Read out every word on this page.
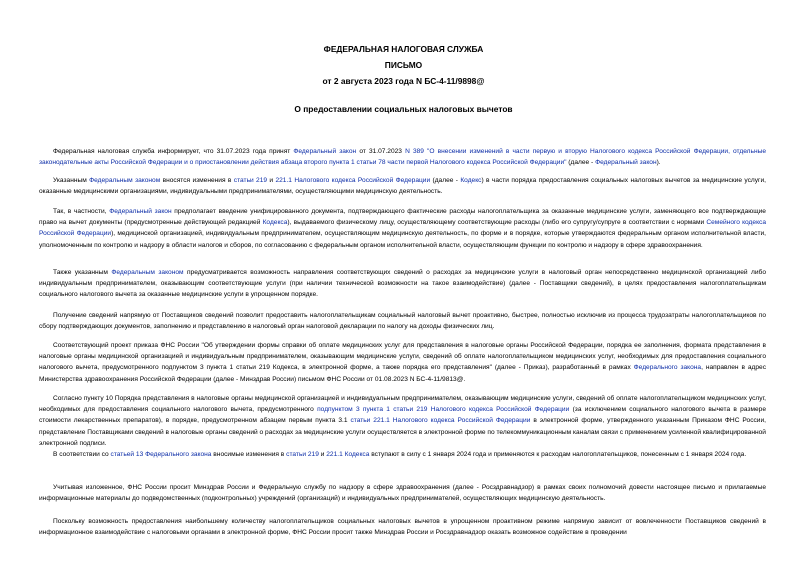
ФЕДЕРАЛЬНАЯ НАЛОГОВАЯ СЛУЖБА

ПИСЬМО

от 2 августа 2023 года N БС-4-11/9898@

О предоставлении социальных налоговых вычетов

Федеральная налоговая служба информирует, что 31.07.2023 года принят Федеральный закон от 31.07.2023 N 389 "О внесении изменений в части первую и вторую Налогового кодекса Российской Федерации, отдельные законодательные акты Российской Федерации и о приостановлении действия абзаца второго пункта 1 статьи 78 части первой Налогового кодекса Российской Федерации" (далее - Федеральный закон).

Указанным Федеральным законом вносятся изменения в статьи 219 и 221.1 Налогового кодекса Российской Федерации (далее - Кодекс) в части порядка предоставления социальных налоговых вычетов за медицинские услуги, оказанные медицинскими организациями, индивидуальными предпринимателями, осуществляющими медицинскую деятельность.

Так, в частности, Федеральный закон предполагает введение унифицированного документа, подтверждающего фактические расходы налогоплательщика за оказанные медицинские услуги, заменяющего все подтверждающие право на вычет документы (предусмотренные действующей редакцией Кодекса), выдаваемого физическому лицу, осуществляющему соответствующие расходы (либо его супругу/супруге в соответствии с нормами Семейного кодекса Российской Федерации), медицинской организацией, индивидуальным предпринимателем, осуществляющим медицинскую деятельность, по форме и в порядке, которые утверждаются федеральным органом исполнительной власти, уполномоченным по контролю и надзору в области налогов и сборов, по согласованию с федеральным органом исполнительной власти, осуществляющим функции по контролю и надзору в сфере здравоохранения.

Также указанным Федеральным законом предусматривается возможность направления соответствующих сведений о расходах за медицинские услуги в налоговый орган непосредственно медицинской организацией либо индивидуальным предпринимателем, оказывающим соответствующие услуги (при наличии технической возможности на такое взаимодействие) (далее - Поставщики сведений), в целях предоставления налогоплательщикам социального налогового вычета за оказанные медицинские услуги в упрощенном порядке.

Получение сведений напрямую от Поставщиков сведений позволит предоставить налогоплательщикам социальный налоговый вычет проактивно, быстрее, полностью исключив из процесса трудозатраты налогоплательщиков по сбору подтверждающих документов, заполнению и представлению в налоговый орган налоговой декларации по налогу на доходы физических лиц.

Соответствующий проект приказа ФНС России "Об утверждении формы справки об оплате медицинских услуг для представления в налоговые органы Российской Федерации, порядка ее заполнения, формата представления в налоговые органы медицинской организацией и индивидуальным предпринимателем, оказывающим медицинские услуги, сведений об оплате налогоплательщиком медицинских услуг, необходимых для предоставления социального налогового вычета, предусмотренного подпунктом 3 пункта 1 статьи 219 Кодекса, в электронной форме, а также порядка его представления" (далее - Приказ), разработанный в рамках Федерального закона, направлен в адрес Министерства здравоохранения Российской Федерации (далее - Минздрав России) письмом ФНС России от 01.08.2023 N БС-4-11/9813@.

Согласно пункту 10 Порядка представления в налоговые органы медицинской организацией и индивидуальным предпринимателем, оказывающим медицинские услуги, сведений об оплате налогоплательщиком медицинских услуг, необходимых для предоставления социального налогового вычета, предусмотренного подпунктом 3 пункта 1 статьи 219 Налогового кодекса Российской Федерации (за исключением социального налогового вычета в размере стоимости лекарственных препаратов), в порядке, предусмотренном абзацем первым пункта 3.1 статьи 221.1 Налогового кодекса Российской Федерации в электронной форме, утвержденного указанным Приказом ФНС России, представление Поставщиками сведений в налоговые органы сведений о расходах за медицинские услуги осуществляется в электронной форме по телекоммуникационным каналам связи с применением усиленной квалифицированной электронной подписи.

В соответствии со статьей 13 Федерального закона вносимые изменения в статьи 219 и 221.1 Кодекса вступают в силу с 1 января 2024 года и применяются к расходам налогоплательщиков, понесенным с 1 января 2024 года.

Учитывая изложенное, ФНС России просит Минздрав России и Федеральную службу по надзору в сфере здравоохранения (далее - Росздравнадзор) в рамках своих полномочий довести настоящее письмо и прилагаемые информационные материалы до подведомственных (подконтрольных) учреждений (организаций) и индивидуальных предпринимателей, осуществляющих медицинскую деятельность.

Поскольку возможность предоставления наибольшему количеству налогоплательщиков социальных налоговых вычетов в упрощенном проактивном режиме напрямую зависит от вовлеченности Поставщиков сведений в информационное взаимодействие с налоговыми органами в электронной форме, ФНС России просит также Минздрав России и Росздравнадзор оказать возможное содействие в проведении
